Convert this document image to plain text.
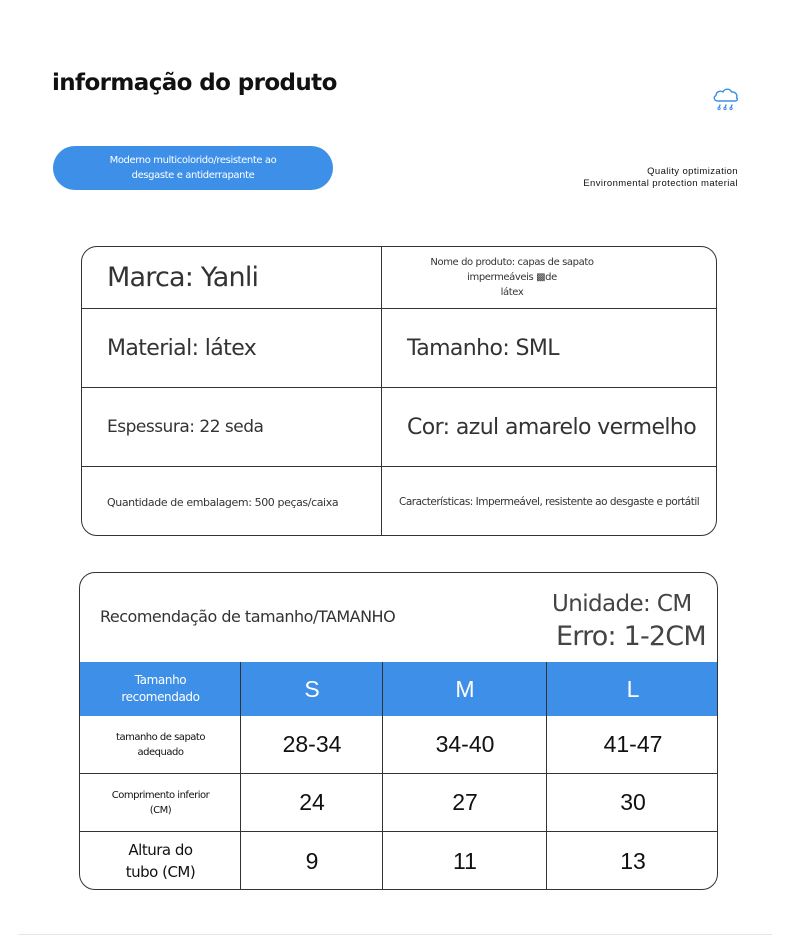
informação do produto
Moderno multicolorido/resistente ao
desgaste e antiderrapante	Quality optimization
Environmental protection material
Marca: Yanli	Nome do produto: capas de sapato impermeáveis ▩de
látex
Material: látex	Tamanho: SML
Espessura: 22 seda	Cor: azul amarelo vermelho
Quantidade de embalagem: 500 peças/caixa	Características: Impermeável, resistente ao desgaste e portátil
Recomendação de tamanho/TAMANHO	Unidade: CM
Erro: 1-2CM
Tamanho
recomendado	S	M	L
tamanho de sapato
adequado	28-34	34-40	41-47
Comprimento inferior
(CM)	24	27	30
Altura do
tubo (CM)	9	11	13
